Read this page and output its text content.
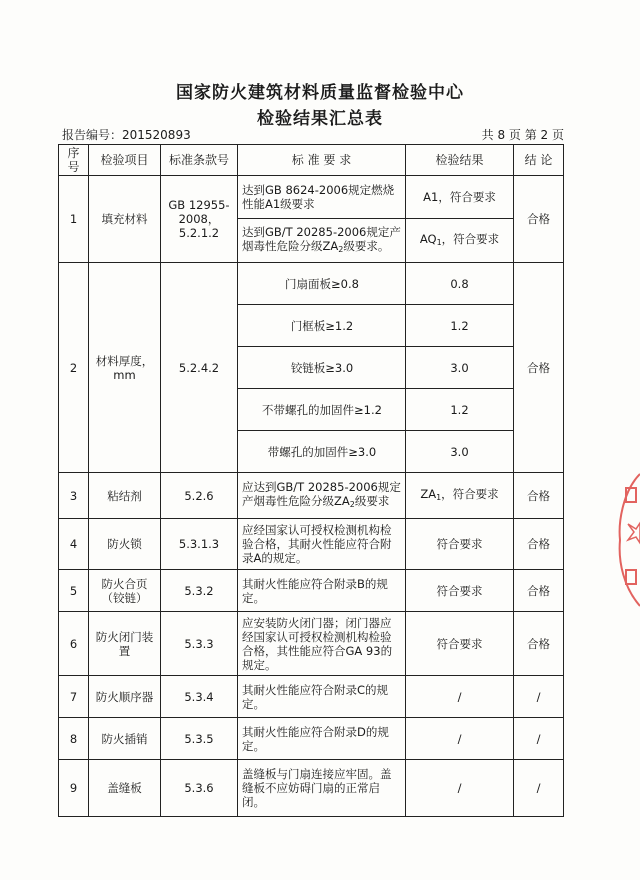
国家防火建筑材料质量监督检验中心
检验结果汇总表
报告编号：201520893	共 8 页 第 2 页
序号	检验项目	标准条款号	标 准 要 求	检验结果	结 论
1	填充材料	GB 12955-2008，5.2.1.2	达到GB 8624-2006规定燃烧性能A1级要求	A1，符合要求	合格
			达到GB/T 20285-2006规定产烟毒性危险分级$ZA_2$级要求。	$AQ_1$，符合要求	
2	材料厚度，mm	5.2.4.2	门扇面板≥0.8	0.8	合格
			门框板≥1.2	1.2	
			铰链板≥3.0	3.0	
			不带螺孔的加固件≥1.2	1.2	
			带螺孔的加固件≥3.0	3.0	
3	粘结剂	5.2.6	应达到GB/T 20285-2006规定产烟毒性危险分级$ZA_2$级要求	$ZA_1$，符合要求	合格
4	防火锁	5.3.1.3	应经国家认可授权检测机构检验合格，其耐火性能应符合附录A的规定。	符合要求	合格
5	防火合页（铰链）	5.3.2	其耐火性能应符合附录B的规定。	符合要求	合格
6	防火闭门装置	5.3.3	应安装防火闭门器；闭门器应经国家认可授权检测机构检验合格，其性能应符合GA 93的规定。	符合要求	合格
7	防火顺序器	5.3.4	其耐火性能应符合附录C的规定。	/	/
8	防火插销	5.3.5	其耐火性能应符合附录D的规定。	/	/
9	盖缝板	5.3.6	盖缝板与门扇连接应牢固。盖缝板不应妨碍门扇的正常启闭。	/	/
